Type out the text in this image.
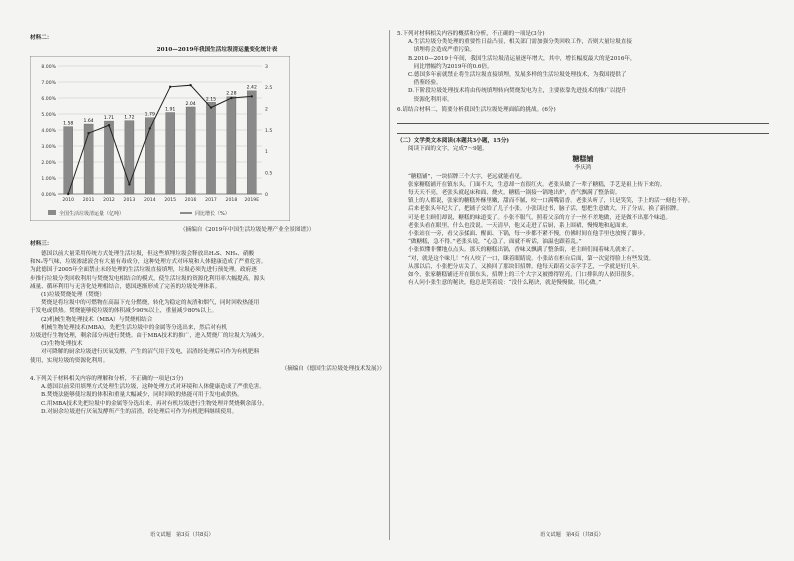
材料二：
2010—2019年我国生活垃圾清运量变化统计表
8.00%
7.00%
6.00%
5.00%
4.00%
3.00%
2.00%
1.00%
0.00%
3
2.5
2
1.5
1
0.5
0
1.58
1.64
1.71 1.72
1.79
1.91
2.04
2.15
2.28
2.42
2010 2011 2012 2013 2014 2015 2016 2017 2018 2019E
全国生活垃圾清运量（亿吨）	同比增长（%）
（摘编自《2019年中国生活垃圾处理产业全景图谱》）
材料三：
德国以前大量采用传统方式处理生活垃圾，但这些填埋垃圾会释放出H₂S、NH₃、硝酸
和N₂等气味，垃圾渗滤液含有大量有毒成分，这种处理方式对环境和人体健康造成了严重危害。
为此德国于2005年全面禁止未经处理的生活垃圾直接填埋，垃圾必须先进行预处理。政府逐
步推行垃圾分类回收利用与焚烧发电相结合的模式，使生活垃圾的资源化利用率大幅提高，源头
减量、循环利用与无害化处理相结合，德国逐渐形成了完善的垃圾处理体系。
(1)垃圾焚烧处理（焚烧）
焚烧是将垃圾中的可燃物在高温下充分燃烧，转化为稳定的灰渣和烟气，同时回收热能用
于发电或供热。焚烧能够使垃圾的体积减少90%以上，重量减少80%以上。
(2)机械生物处理技术（MBA）与焚烧相结合
机械生物处理技术(MBA)，先把生活垃圾中的金属等分选出来，然后对有机
垃圾进行生物处理，剩余部分再进行焚烧。由于MBA技术的推广，进入焚烧厂的垃圾大为减少。
(3)生物处理技术
对可降解的厨余垃圾进行厌氧发酵，产生的沼气用于发电，沼渣经处理后可作为有机肥料
使用，实现垃圾的资源化利用。
（摘编自《德国生活垃圾处理技术发展》）
4.下列关于材料相关内容的理解和分析，不正确的一项是(3分)
A.德国以前采用填埋方式处理生活垃圾，这种处理方式对环境和人体健康造成了严重危害。
B.焚烧法能够使垃圾的体积和重量大幅减少，同时回收的热能可用于发电或供热。
C.用MBA技术先把垃圾中的金属等分选出来，再对有机垃圾进行生物处理并焚烧剩余部分。
D.对厨余垃圾进行厌氧发酵所产生的沼渣，经处理后可作为有机肥料继续使用。
5.下列对材料相关内容的概括和分析，不正确的一项是(3分)
A.生活垃圾分类处理的重要性日益凸显，相关部门需加强分类回收工作，否则大量垃圾直接
　填埋将会造成严重污染。
B.2010—2019十年间，我国生活垃圾清运量逐年增大，其中，增长幅度最大的是2016年，
　同比增幅约为2019年的0.6倍。
C.德国多年前就禁止将生活垃圾直接填埋，发展多样的生活垃圾处理技术，为我国提供了
　借鉴经验。
D.下阶段垃圾处理技术将由传统填埋转向焚烧发电为主，主要依靠先进技术的推广以提升
　资源化利用率。
6.请结合材料二，简要分析我国生活垃圾处理面临的挑战。(6分)
（二）文学类文本阅读(本题共3小题，15分)
阅读下面的文字，完成7～9题。
糖糕铺
李庆鸿
“糖糕铺”，一块招牌三个大字，老远就能看见。
张家糖糕铺开在镇东头，门面不大，生意却一直很红火。老张头做了一辈子糖糕，手艺是祖上传下来的。
每天天不亮，老张头就起床和面、烧火，糖糕一锅接一锅地出炉，香气飘满了整条街。
镇上的人都说，张家的糖糕外酥里嫩，甜而不腻，咬一口满嘴留香。老张头听了，只是笑笑，手上的活一刻也不停。
后来老张头年纪大了，把铺子交给了儿子小张。小张读过书，脑子活，想把生意做大，开了分店，换了新招牌。
可是老主顾们却说，糖糕的味道变了。小张不服气，照着父亲的方子一丝不差地做，还是做不出那个味道。
老张头看在眼里，什么也没说。一天清早，他又走进了后厨，系上围裙，慢慢地和起面来。
小张站在一旁，看父亲揉面、醒面、下锅，每一步都不紧不慢，仿佛时间在他手里也放慢了脚步。
“做糖糕，急不得。”老张头说，“心急了，面就不听话，油温也跟着乱。”
小张似懂非懂地点点头。那天的糖糕出锅，香味又飘满了整条街，老主顾们闻着味儿就来了。
“对，就是这个味儿！”有人咬了一口，眯着眼睛说。小张站在柜台后面，第一次觉得脸上有些发烫。
从那以后，小张把分店关了，又换回了那块旧招牌。他每天跟着父亲学手艺，一学就是好几年。
如今，张家糖糕铺还开在镇东头，招牌上的三个大字又被擦得锃亮，门口排队的人依旧很多。
有人问小张生意的秘诀，他总是笑着说：“没什么秘诀，就是慢慢做，用心做。”
语文试题　第3页（共8页）	语文试题　第4页（共8页）
